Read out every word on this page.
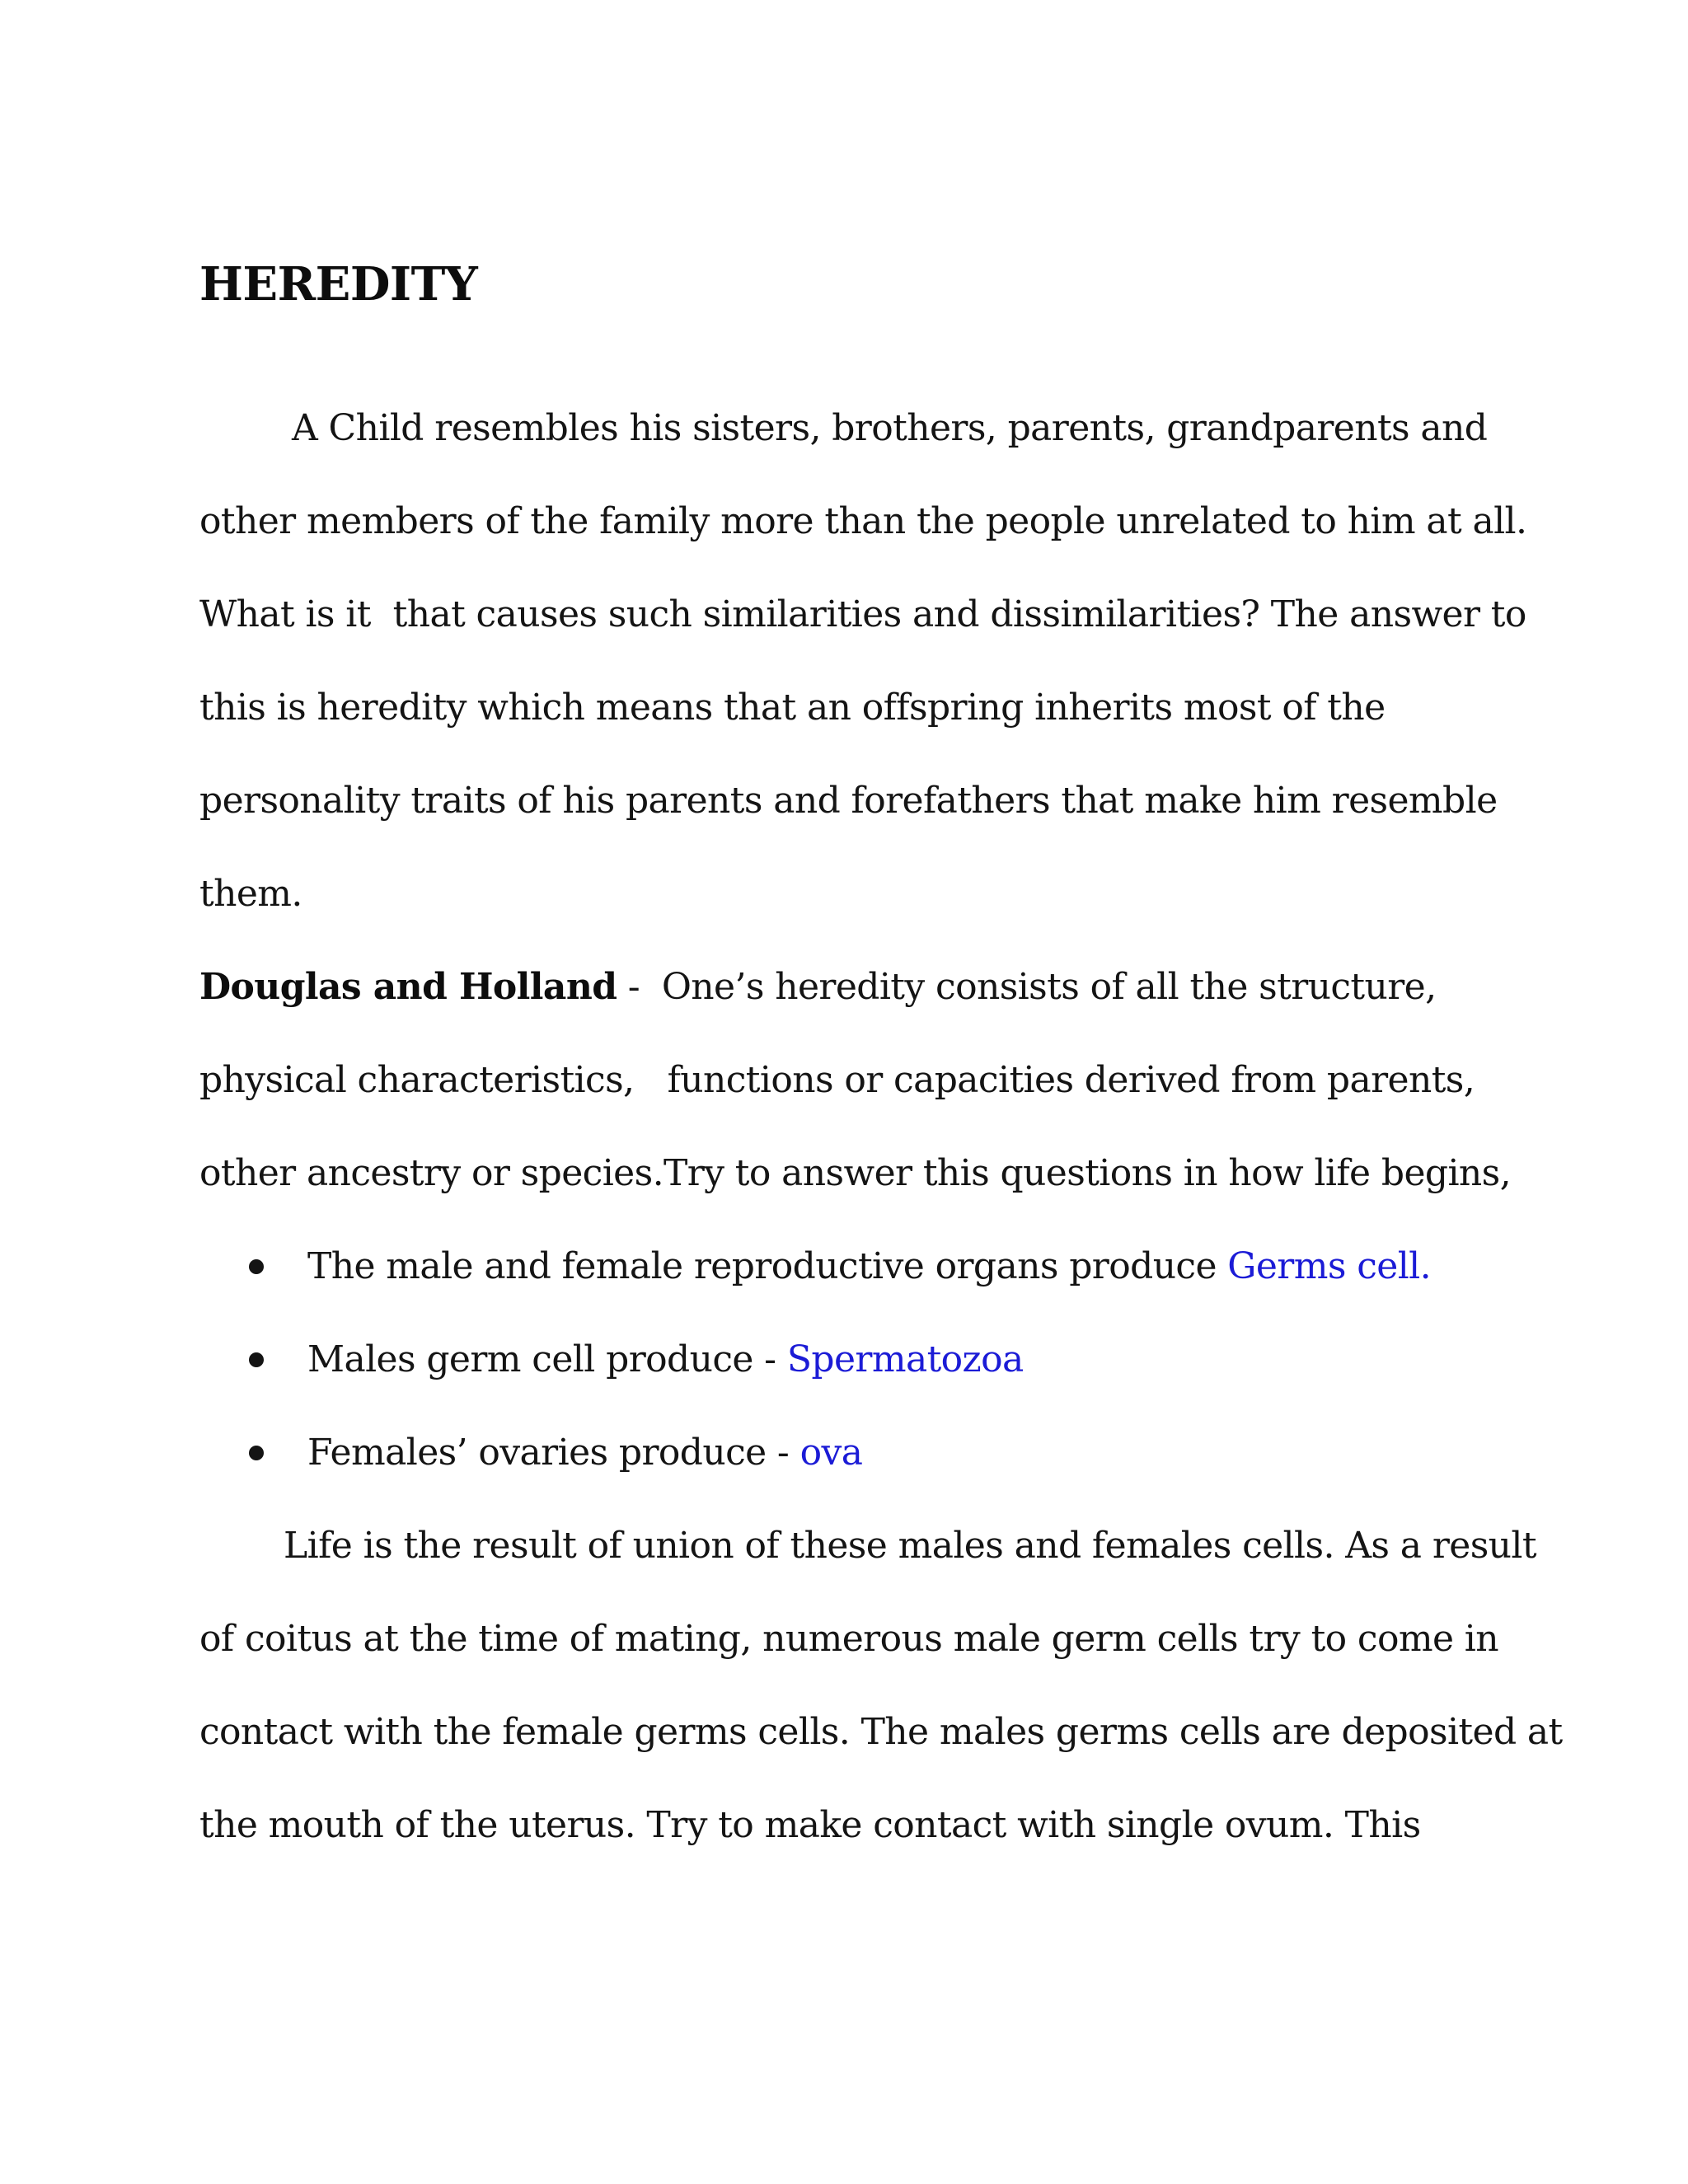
HEREDITY
A Child resembles his sisters, brothers, parents, grandparents and
other members of the family more than the people unrelated to him at all.
What is it  that causes such similarities and dissimilarities? The answer to
this is heredity which means that an offspring inherits most of the
personality traits of his parents and forefathers that make him resemble
them.
Douglas and Holland -  One’s heredity consists of all the structure,
physical characteristics,   functions or capacities derived from parents,
other ancestry or species.Try to answer this questions in how life begins,
The male and female reproductive organs produce Germs cell.
Males germ cell produce - Spermatozoa
Females’ ovaries produce - ova
Life is the result of union of these males and females cells. As a result
of coitus at the time of mating, numerous male germ cells try to come in
contact with the female germs cells. The males germs cells are deposited at
the mouth of the uterus. Try to make contact with single ovum. This
